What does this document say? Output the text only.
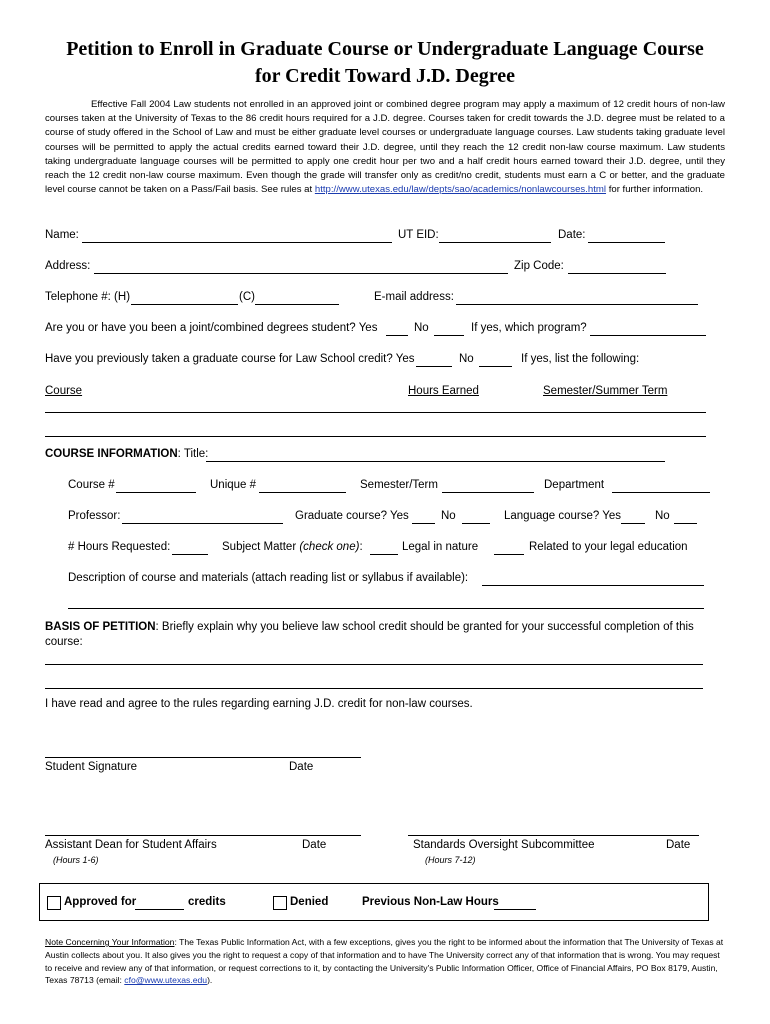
Petition to Enroll in Graduate Course or Undergraduate Language Course
for Credit Toward J.D. Degree
Effective Fall 2004 Law students not enrolled in an approved joint or combined degree program may apply a maximum of 12 credit hours of non-law courses taken at the University of Texas to the 86 credit hours required for a J.D. degree. Courses taken for credit towards the J.D. degree must be related to a course of study offered in the School of Law and must be either graduate level courses or undergraduate language courses. Law students taking graduate level courses will be permitted to apply the actual credits earned toward their J.D. degree, until they reach the 12 credit non-law course maximum. Law students taking undergraduate language courses will be permitted to apply one credit hour per two and a half credit hours earned toward their J.D. degree, until they reach the 12 credit non-law course maximum. Even though the grade will transfer only as credit/no credit, students must earn a C or better, and the graduate level course cannot be taken on a Pass/Fail basis. See rules at http://www.utexas.edu/law/depts/sao/academics/nonlawcourses.html for further information.
Name:	UT EID:	Date:
Address:	Zip Code:
Telephone #: (H)	(C)	E-mail address:
Are you or have you been a joint/combined degrees student? Yes	No	If yes, which program?
Have you previously taken a graduate course for Law School credit? Yes	No	If yes, list the following:
Course	Hours Earned	Semester/Summer Term
COURSE INFORMATION: Title:
Course #	Unique #	Semester/Term	Department
Professor:	Graduate course? Yes	No	Language course? Yes	No
# Hours Requested:	Subject Matter (check one):	Legal in nature	Related to your legal education
Description of course and materials (attach reading list or syllabus if available):
BASIS OF PETITION: Briefly explain why you believe law school credit should be granted for your successful completion of this course:
I have read and agree to the rules regarding earning J.D. credit for non-law courses.
Student Signature	Date
Assistant Dean for Student Affairs	Date
(Hours 1-6)
Standards Oversight Subcommittee	Date
(Hours 7-12)
Approved for	credits	Denied	Previous Non-Law Hours
Note Concerning Your Information: The Texas Public Information Act, with a few exceptions, gives you the right to be informed about the information that The University of Texas at Austin collects about you. It also gives you the right to request a copy of that information and to have The University correct any of that information that is wrong. You may request to receive and review any of that information, or request corrections to it, by contacting the University's Public Information Officer, Office of Financial Affairs, PO Box 8179, Austin, Texas 78713 (email: cfo@www.utexas.edu).
